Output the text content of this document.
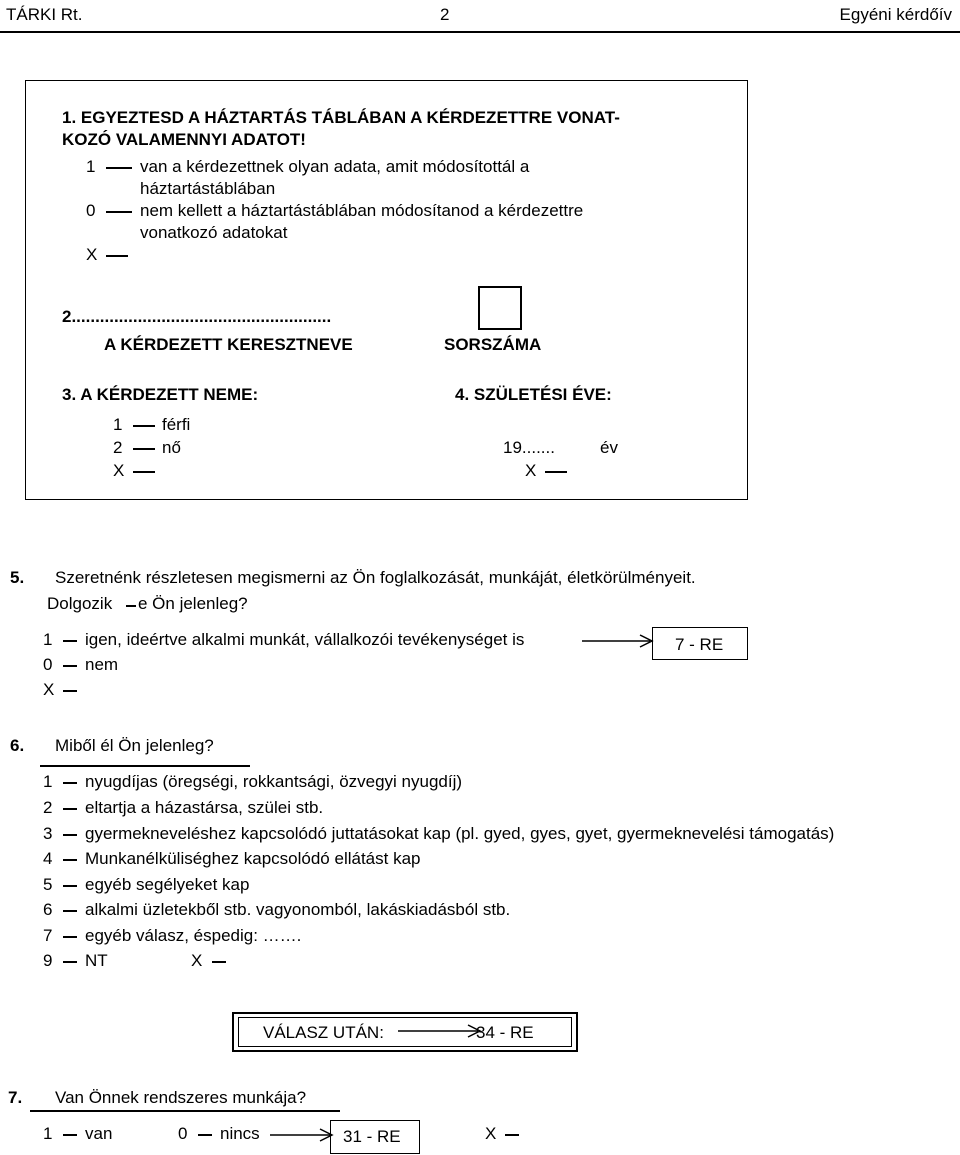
TÁRKI Rt.	2	Egyéni kérdőív
1. EGYEZTESD A HÁZTARTÁS TÁBLÁBAN A KÉRDEZETTRE VONAT-
KOZÓ VALAMENNYI ADATOT!
1	van a kérdezettnek olyan adata, amit módosítottál a
háztartástáblában
0	nem kellett a háztartástáblában módosítanod a kérdezettre
vonatkozó adatokat
X
2.......................................................
A KÉRDEZETT KERESZTNEVE	SORSZÁMA
3. A KÉRDEZETT NEME:
1 férfi
2 nő
X
4. SZÜLETÉSI ÉVE:
19.......	év
X
5. Szeretnénk részletesen megismerni az Ön foglalkozását, munkáját, életkörülményeit.
Dolgozik e Ön jelenleg?
1 igen, ideértve alkalmi munkát, vállalkozói tevékenységet is	7 - RE
0 nem
X
6. Miből él Ön jelenleg?
1 nyugdíjas (öregségi, rokkantsági, özvegyi nyugdíj)
2 eltartja a házastársa, szülei stb.
3 gyermekneveléshez kapcsolódó juttatásokat kap (pl. gyed, gyes, gyet, gyermeknevelési támogatás)
4 Munkanélküliséghez kapcsolódó ellátást kap
5 egyéb segélyeket kap
6 alkalmi üzletekből stb. vagyonomból, lakáskiadásból stb.
7 egyéb válasz, éspedig: …….
9 NT	X
VÁLASZ UTÁN:	34 - RE
7. Van Önnek rendszeres munkája?
1 van	0 nincs	31 - RE	X
